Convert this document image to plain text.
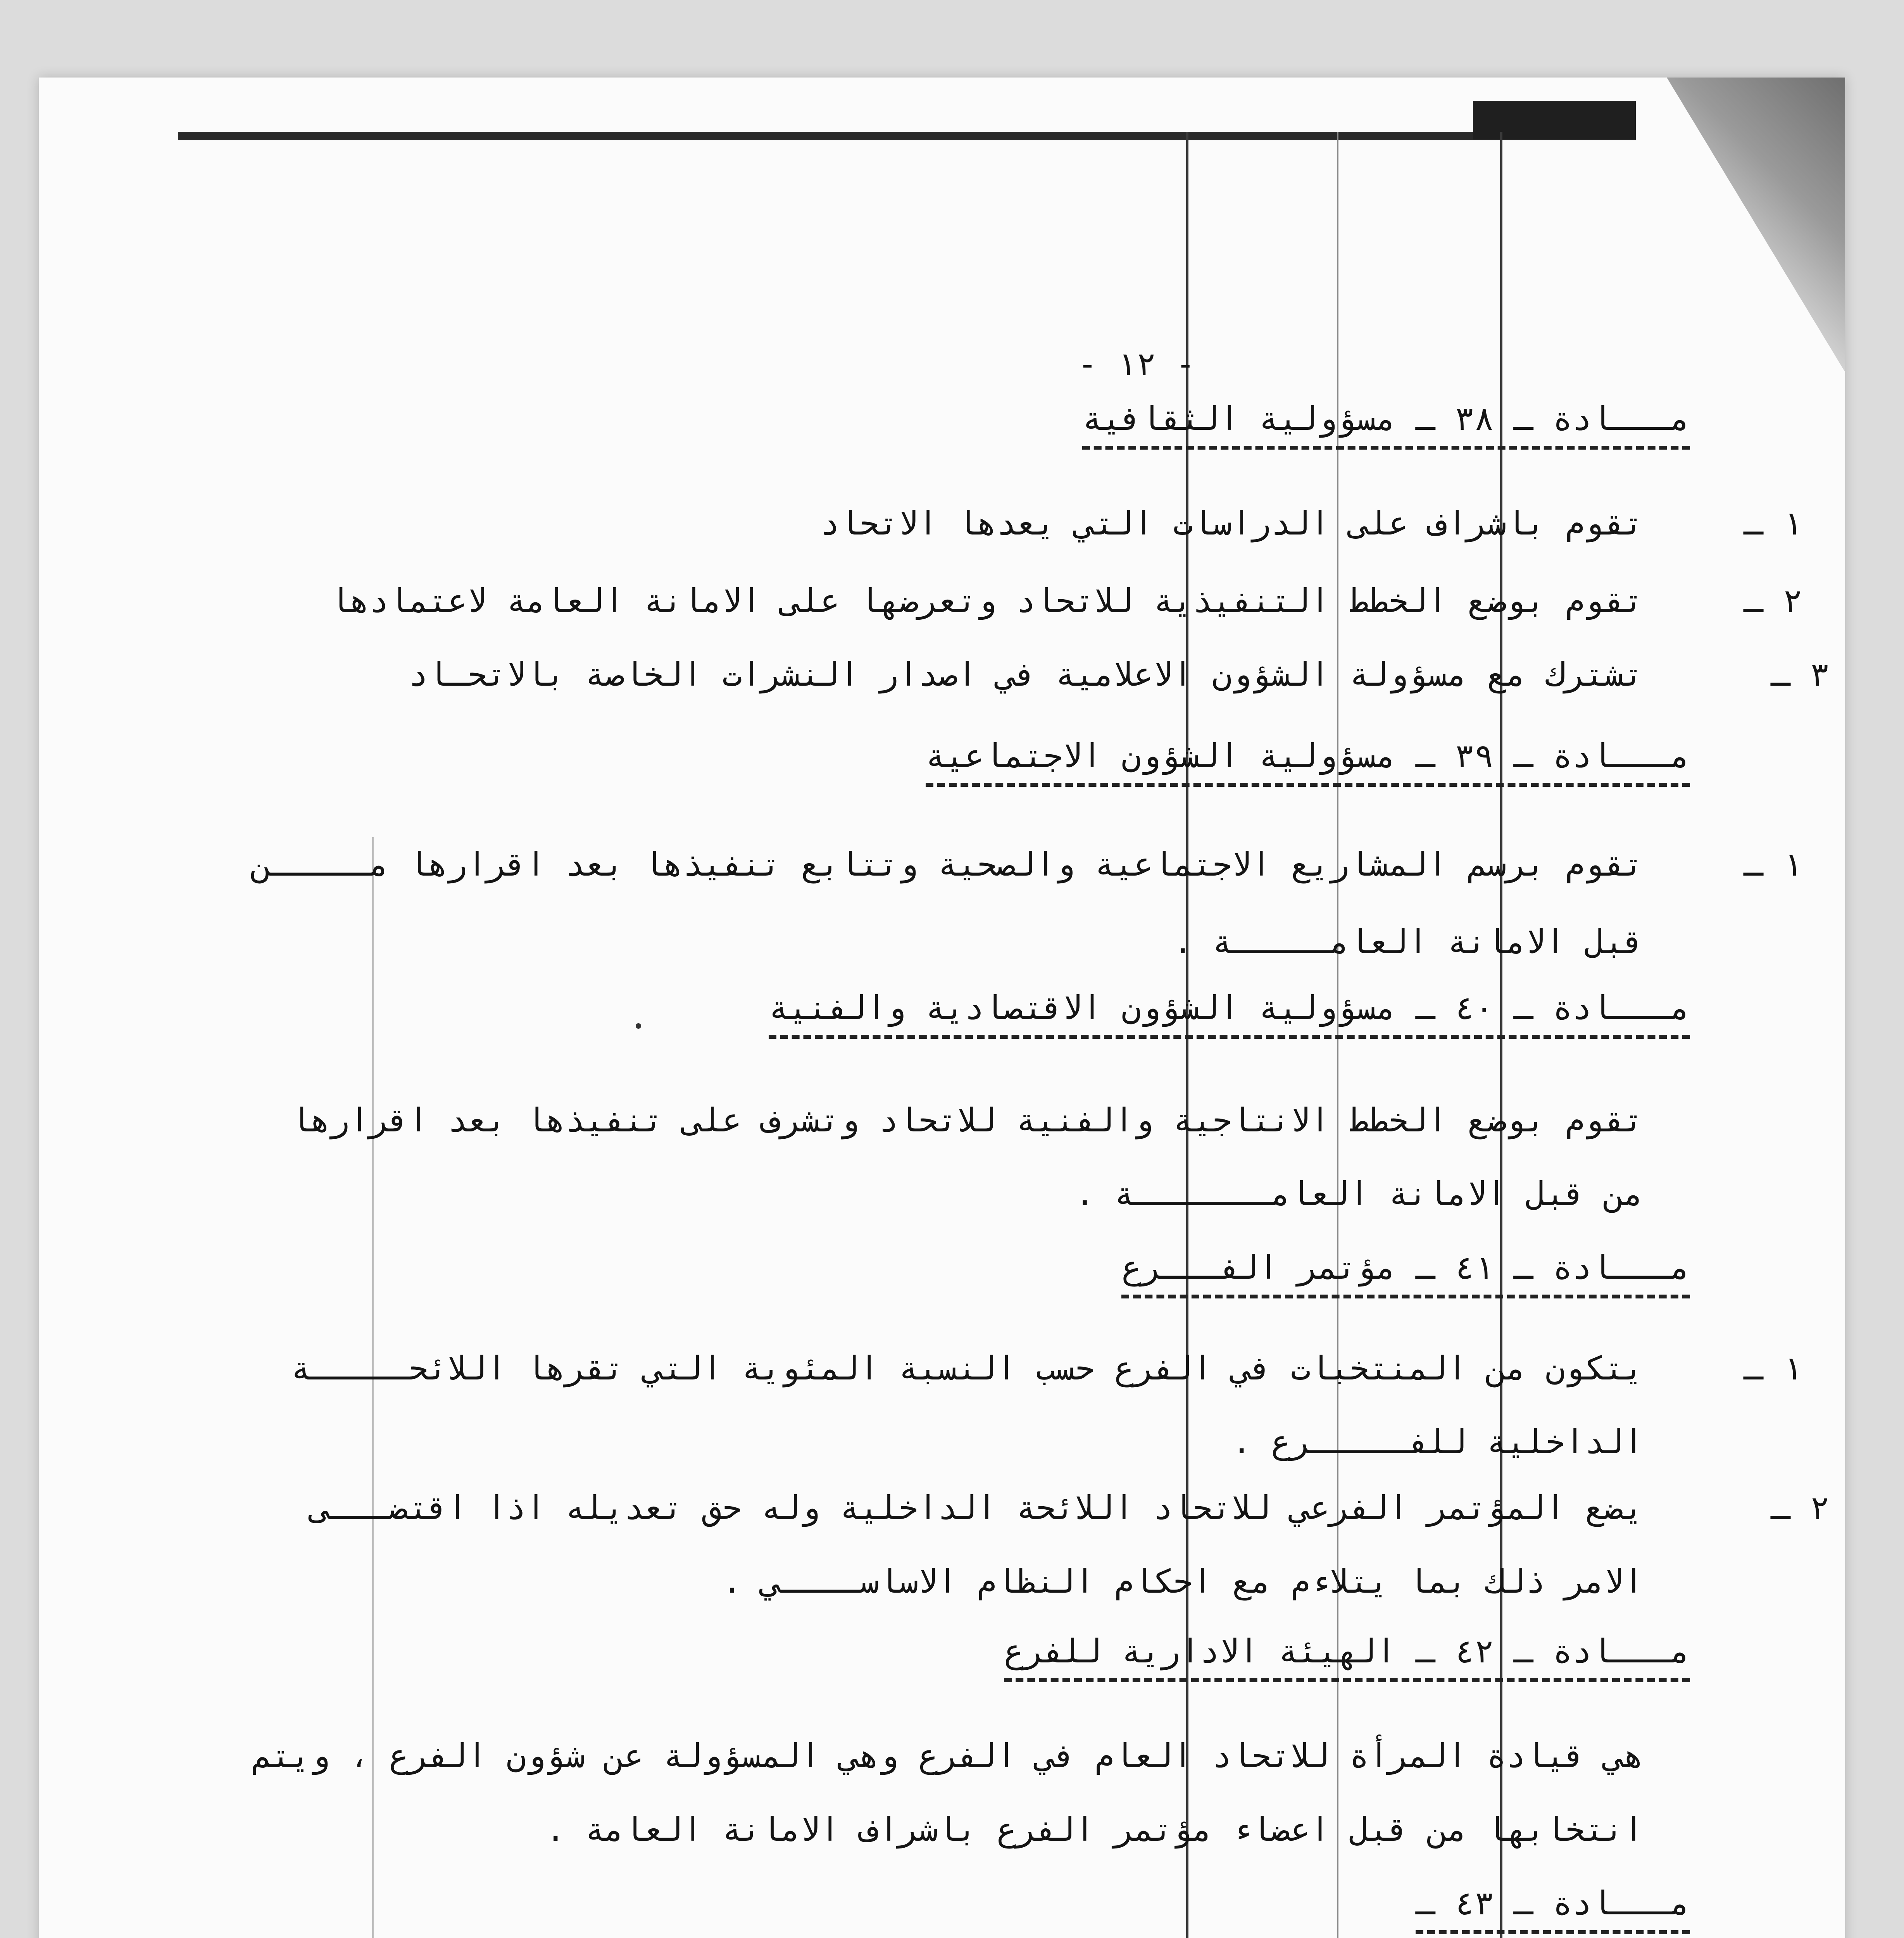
- ١٢ -
مـــادة ـ ٣٨ ـ مسؤولية الثقافية
١ ـ
تقوم باشراف على الدراسات التي يعدها الاتحاد
٢ ـ
تقوم بوضع الخطط التنفيذية للاتحاد وتعرضها على الامانة العامة لاعتمادها
٣ ـ
تشترك مع مسؤولة الشؤون الاعلامية في اصدار النشرات الخاصة بالاتحـاد
مـــادة ـ ٣٩ ـ مسؤولية الشؤون الاجتماعية
١ ـ
تقوم برسم المشاريع الاجتماعية والصحية وتتابع تنفيذها بعد اقرارها مـــــن
قبل الامانة العامـــــة .
مـــادة ـ ٤٠ ـ مسؤولية الشؤون الاقتصادية والفنية
تقوم بوضع الخطط الانتاجية والفنية للاتحاد وتشرف على تنفيذها بعد اقرارها
من قبل الامانة العامـــــــة .
مـــادة ـ ٤١ ـ مؤتمر الفـــرع
١ ـ
يتكون من المنتخبات في الفرع حسب النسبة المئوية التي تقرها اللائحـــــة
الداخلية للفـــــرع .
٢ ـ
يضع المؤتمر الفرعي للاتحاد اللائحة الداخلية وله حق تعديله اذا اقتضـــى
الامر ذلك بما يتلاءم مع احكام النظام الاساســــي .
مـــادة ـ ٤٢ ـ الهيئة الادارية للفرع
هي قيادة المرأة للاتحاد العام في الفرع وهي المسؤولة عن شؤون الفرع ، ويتم
انتخابها من قبل اعضاء مؤتمر الفرع باشراف الامانة العامة .
مـــادة ـ ٤٣ ـ
